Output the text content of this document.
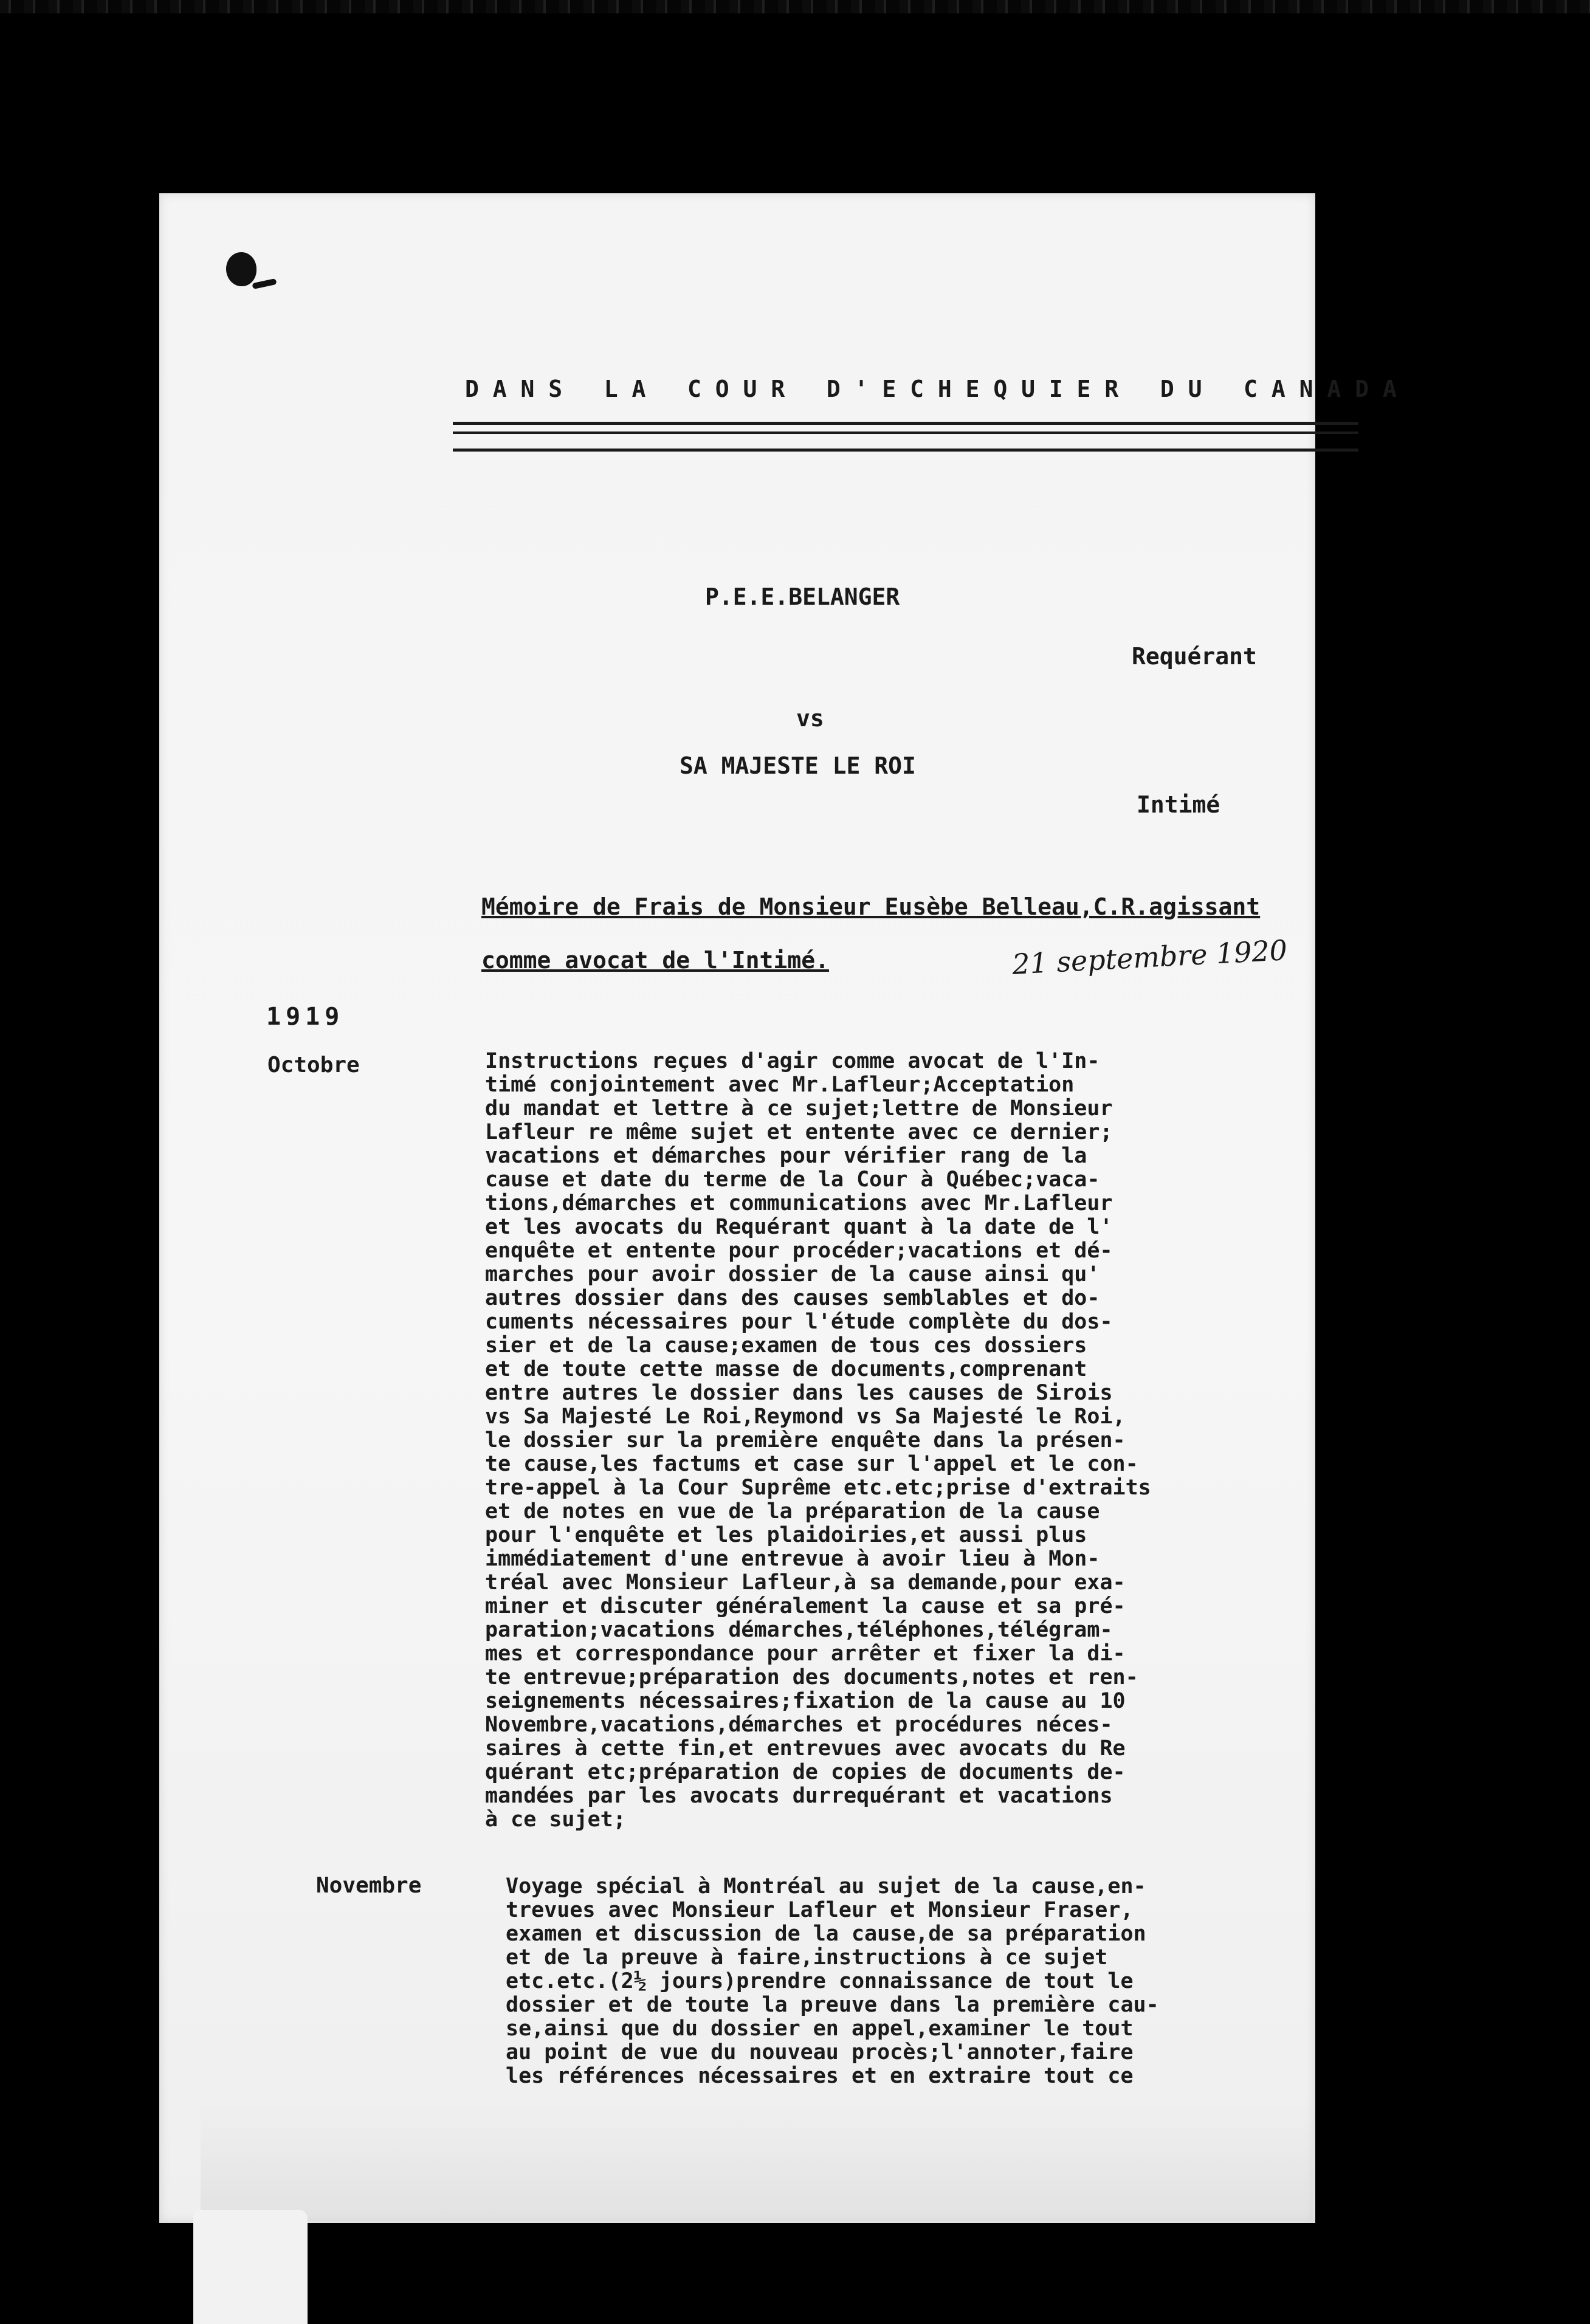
D A N S   L A   C O U R   D ' E C H E Q U I E R   D U   C A N A D A
P.E.E.BELANGER
Requérant
vs
SA MAJESTE LE ROI
Intimé
Mémoire de Frais de Monsieur Eusèbe Belleau,C.R.agissant
comme avocat de l'Intimé.	21 septembre 1920
1919
Octobre
Novembre
Instructions reçues d'agir comme avocat de l'In-
timé conjointement avec Mr.Lafleur;Acceptation
du mandat et lettre à ce sujet;lettre de Monsieur
Lafleur re même sujet et entente avec ce dernier;
vacations et démarches pour vérifier rang de la
cause et date du terme de la Cour à Québec;vaca-
tions,démarches et communications avec Mr.Lafleur
et les avocats du Requérant quant à la date de l'
enquête et entente pour procéder;vacations et dé-
marches pour avoir dossier de la cause ainsi qu'
autres dossier dans des causes semblables et do-
cuments nécessaires pour l'étude complète du dos-
sier et de la cause;examen de tous ces dossiers
et de toute cette masse de documents,comprenant
entre autres le dossier dans les causes de Sirois
vs Sa Majesté Le Roi,Reymond vs Sa Majesté le Roi,
le dossier sur la première enquête dans la présen-
te cause,les factums et case sur l'appel et le con-
tre-appel à la Cour Suprême etc.etc;prise d'extraits
et de notes en vue de la préparation de la cause
pour l'enquête et les plaidoiries,et aussi plus
immédiatement d'une entrevue à avoir lieu à Mon-
tréal avec Monsieur Lafleur,à sa demande,pour exa-
miner et discuter généralement la cause et sa pré-
paration;vacations démarches,téléphones,télégram-
mes et correspondance pour arrêter et fixer la di-
te entrevue;préparation des documents,notes et ren-
seignements nécessaires;fixation de la cause au 10
Novembre,vacations,démarches et procédures néces-
saires à cette fin,et entrevues avec avocats du Re
quérant etc;préparation de copies de documents de-
mandées par les avocats durrequérant et vacations
à ce sujet;
Voyage spécial à Montréal au sujet de la cause,en-
trevues avec Monsieur Lafleur et Monsieur Fraser,
examen et discussion de la cause,de sa préparation
et de la preuve à faire,instructions à ce sujet
etc.etc.(2½ jours)prendre connaissance de tout le
dossier et de toute la preuve dans la première cau-
se,ainsi que du dossier en appel,examiner le tout
au point de vue du nouveau procès;l'annoter,faire
les références nécessaires et en extraire tout ce
